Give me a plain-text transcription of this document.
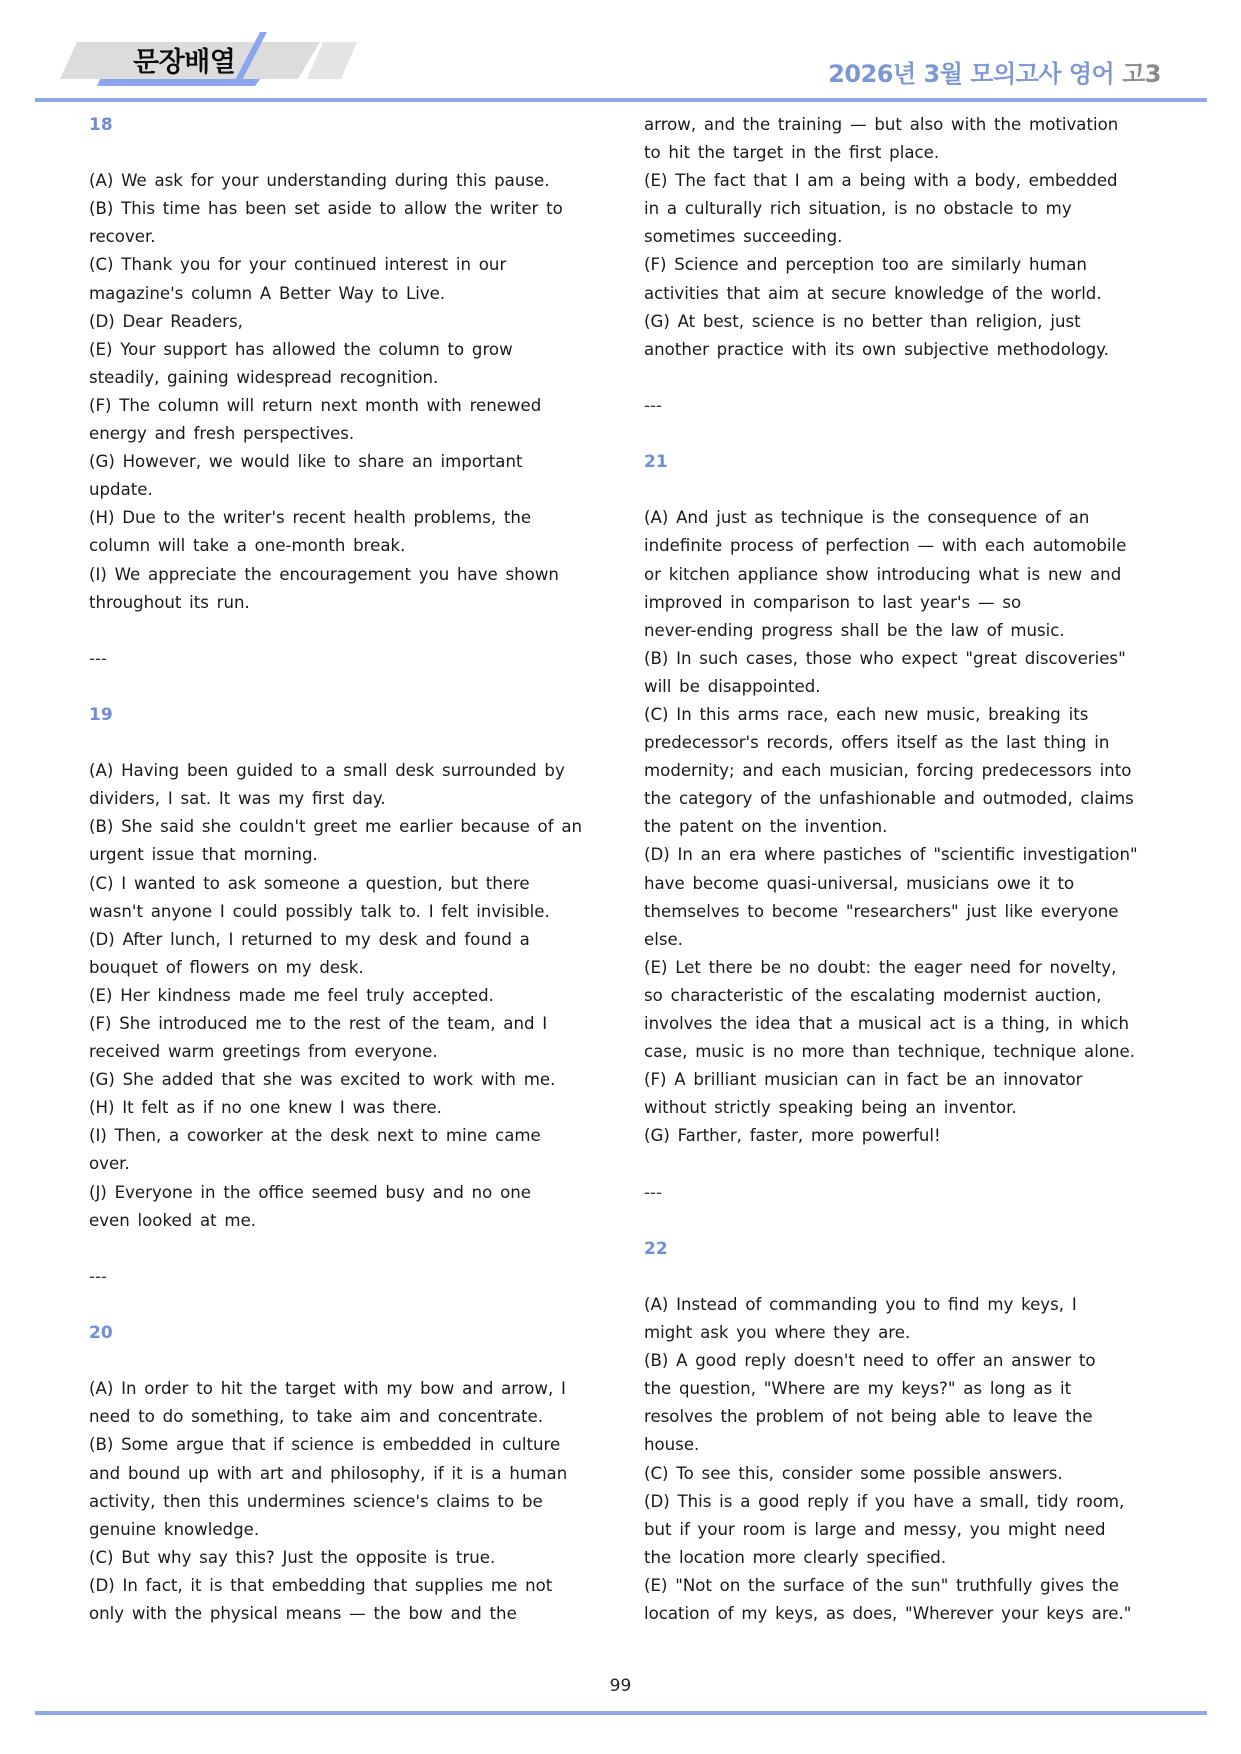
문장배열	2026년 3월 모의고사 영어 고3

18

(A) We ask for your understanding during this pause.

(B) This time has been set aside to allow the writer to

recover.

(C) Thank you for your continued interest in our

magazine's column A Better Way to Live.

(D) Dear Readers,

(E) Your support has allowed the column to grow

steadily, gaining widespread recognition.

(F) The column will return next month with renewed

energy and fresh perspectives.

(G) However, we would like to share an important

update.

(H) Due to the writer's recent health problems, the

column will take a one-month break.

(I) We appreciate the encouragement you have shown

throughout its run.

---

19

(A) Having been guided to a small desk surrounded by

dividers, I sat. It was my first day.

(B) She said she couldn't greet me earlier because of an

urgent issue that morning.

(C) I wanted to ask someone a question, but there

wasn't anyone I could possibly talk to. I felt invisible.

(D) After lunch, I returned to my desk and found a

bouquet of flowers on my desk.

(E) Her kindness made me feel truly accepted.

(F) She introduced me to the rest of the team, and I

received warm greetings from everyone.

(G) She added that she was excited to work with me.

(H) It felt as if no one knew I was there.

(I) Then, a coworker at the desk next to mine came

over.

(J) Everyone in the office seemed busy and no one

even looked at me.

---

20

(A) In order to hit the target with my bow and arrow, I

need to do something, to take aim and concentrate.

(B) Some argue that if science is embedded in culture

and bound up with art and philosophy, if it is a human

activity, then this undermines science's claims to be

genuine knowledge.

(C) But why say this? Just the opposite is true.

(D) In fact, it is that embedding that supplies me not

only with the physical means — the bow and the

arrow, and the training — but also with the motivation

to hit the target in the first place.

(E) The fact that I am a being with a body, embedded

in a culturally rich situation, is no obstacle to my

sometimes succeeding.

(F) Science and perception too are similarly human

activities that aim at secure knowledge of the world.

(G) At best, science is no better than religion, just

another practice with its own subjective methodology.

---

21

(A) And just as technique is the consequence of an

indefinite process of perfection — with each automobile

or kitchen appliance show introducing what is new and

improved in comparison to last year's — so

never-ending progress shall be the law of music.

(B) In such cases, those who expect "great discoveries"

will be disappointed.

(C) In this arms race, each new music, breaking its

predecessor's records, offers itself as the last thing in

modernity; and each musician, forcing predecessors into

the category of the unfashionable and outmoded, claims

the patent on the invention.

(D) In an era where pastiches of "scientific investigation"

have become quasi-universal, musicians owe it to

themselves to become "researchers" just like everyone

else.

(E) Let there be no doubt: the eager need for novelty,

so characteristic of the escalating modernist auction,

involves the idea that a musical act is a thing, in which

case, music is no more than technique, technique alone.

(F) A brilliant musician can in fact be an innovator

without strictly speaking being an inventor.

(G) Farther, faster, more powerful!

---

22

(A) Instead of commanding you to find my keys, I

might ask you where they are.

(B) A good reply doesn't need to offer an answer to

the question, "Where are my keys?" as long as it

resolves the problem of not being able to leave the

house.

(C) To see this, consider some possible answers.

(D) This is a good reply if you have a small, tidy room,

but if your room is large and messy, you might need

the location more clearly specified.

(E) "Not on the surface of the sun" truthfully gives the

location of my keys, as does, "Wherever your keys are."

99
